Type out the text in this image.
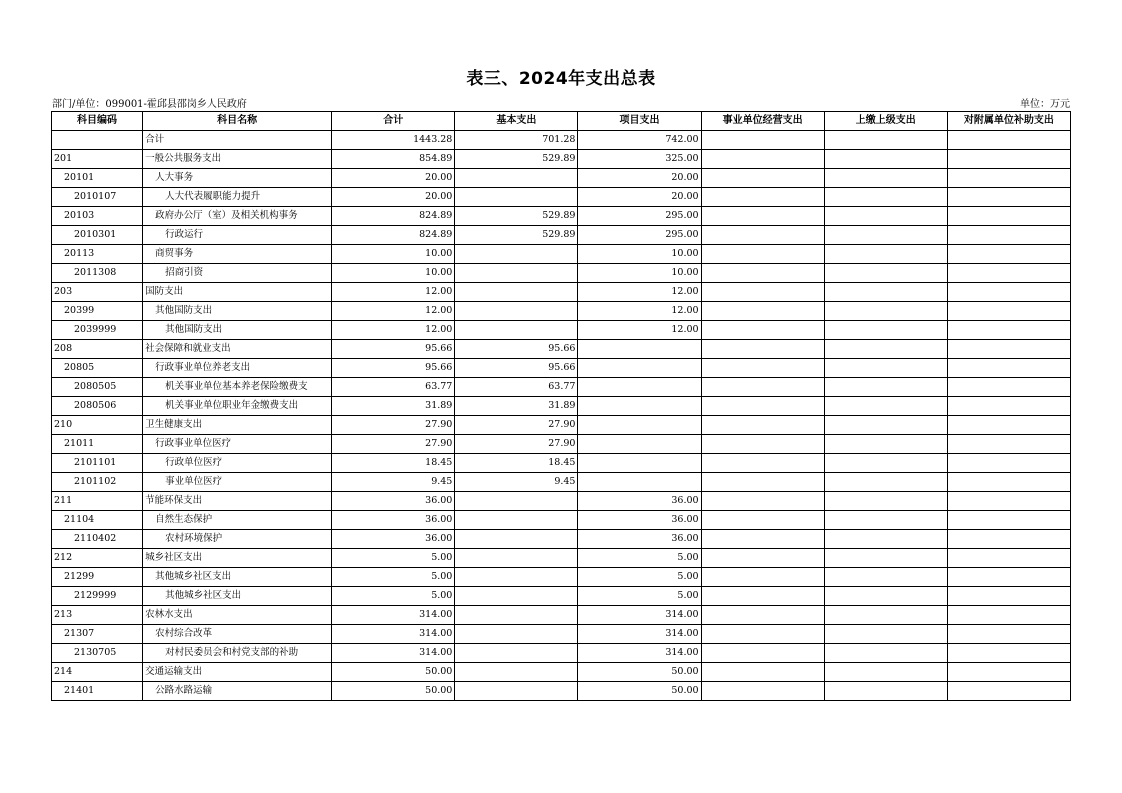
表三、2024年支出总表
部门/单位：099001-霍邱县邵岗乡人民政府	单位：万元
科目编码	科目名称	合计	基本支出	项目支出	事业单位经营支出	上缴上级支出	对附属单位补助支出
	合计	1443.28	701.28	742.00			
201	一般公共服务支出	854.89	529.89	325.00			
20101	人大事务	20.00		20.00			
2010107	人大代表履职能力提升	20.00		20.00			
20103	政府办公厅（室）及相关机构事务	824.89	529.89	295.00			
2010301	行政运行	824.89	529.89	295.00			
20113	商贸事务	10.00		10.00			
2011308	招商引资	10.00		10.00			
203	国防支出	12.00		12.00			
20399	其他国防支出	12.00		12.00			
2039999	其他国防支出	12.00		12.00			
208	社会保障和就业支出	95.66	95.66				
20805	行政事业单位养老支出	95.66	95.66				
2080505	机关事业单位基本养老保险缴费支	63.77	63.77				
2080506	机关事业单位职业年金缴费支出	31.89	31.89				
210	卫生健康支出	27.90	27.90				
21011	行政事业单位医疗	27.90	27.90				
2101101	行政单位医疗	18.45	18.45				
2101102	事业单位医疗	9.45	9.45				
211	节能环保支出	36.00		36.00			
21104	自然生态保护	36.00		36.00			
2110402	农村环境保护	36.00		36.00			
212	城乡社区支出	5.00		5.00			
21299	其他城乡社区支出	5.00		5.00			
2129999	其他城乡社区支出	5.00		5.00			
213	农林水支出	314.00		314.00			
21307	农村综合改革	314.00		314.00			
2130705	对村民委员会和村党支部的补助	314.00		314.00			
214	交通运输支出	50.00		50.00			
21401	公路水路运输	50.00		50.00			
